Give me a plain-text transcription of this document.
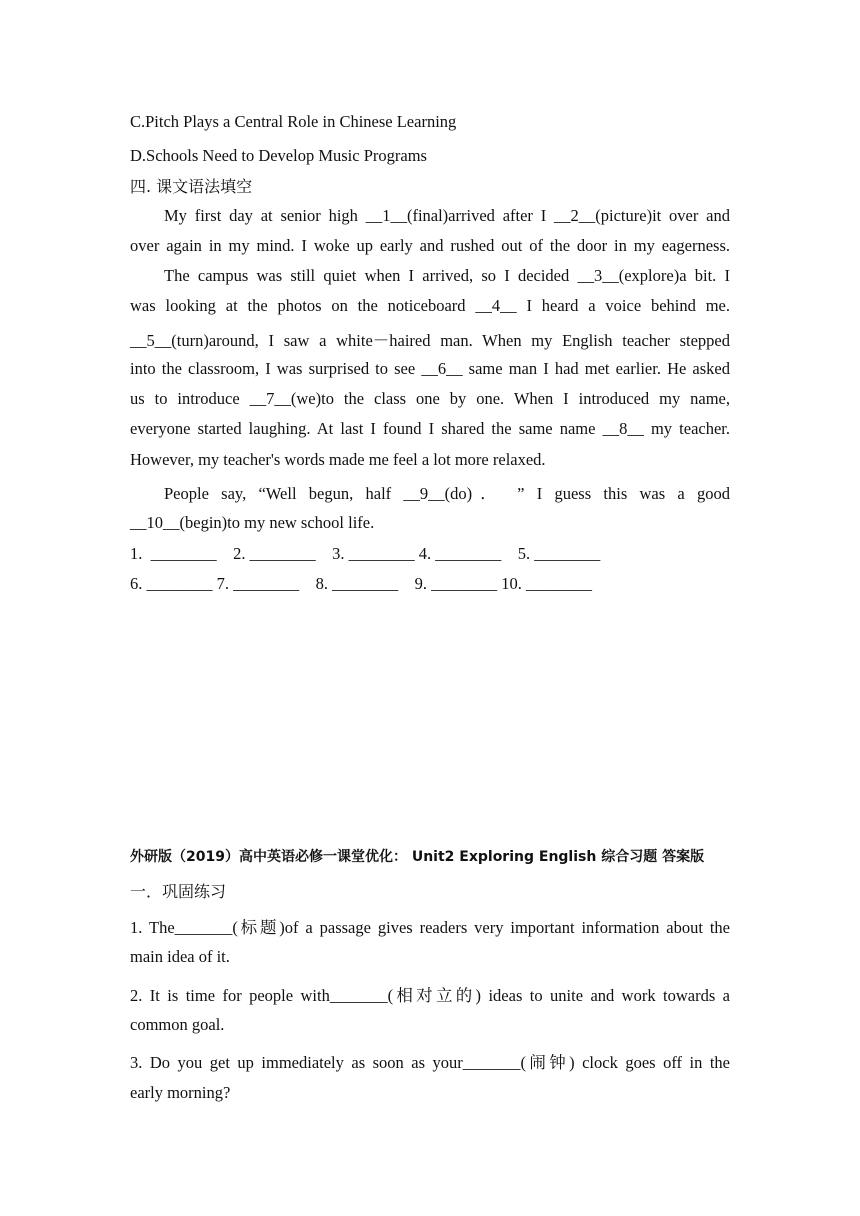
C.Pitch Plays a Central Role in Chinese Learning
D.Schools Need to Develop Music Programs
四. 课文语法填空
My first day at senior high __1__(final)arrived after I __2__(picture)it over and
over again in my mind. I woke up early and rushed out of the door in my eagerness.
The campus was still quiet when I arrived, so I decided __3__(explore)a bit. I
was looking at the photos on the noticeboard __4__ I heard a voice behind me.
__5__(turn)around, I saw a white－haired man. When my English teacher stepped
into the classroom, I was surprised to see __6__ same man I had met earlier. He asked
us to introduce __7__(we)to the class one by one. When I introduced my name,
everyone started laughing. At last I found I shared the same name __8__ my teacher.
However, my teacher's words made me feel a lot more relaxed.
People say, “Well begun, half __9__(do)． ” I guess this was a good
__10__(begin)to my new school life.
1.  ________    2. ________    3. ________ 4. ________    5. ________
6. ________ 7. ________    8. ________    9. ________ 10. ________
外研版（2019）高中英语必修一课堂优化： Unit2 Exploring English 综合习题 答案版
一．巩固练习
1. The_______(标题)of a passage gives readers very important information about the
main idea of it.
2. It is time for people with_______(相对立的) ideas to unite and work towards a
common goal.
3. Do you get up immediately as soon as your_______(闹钟) clock goes off in the
early morning?
